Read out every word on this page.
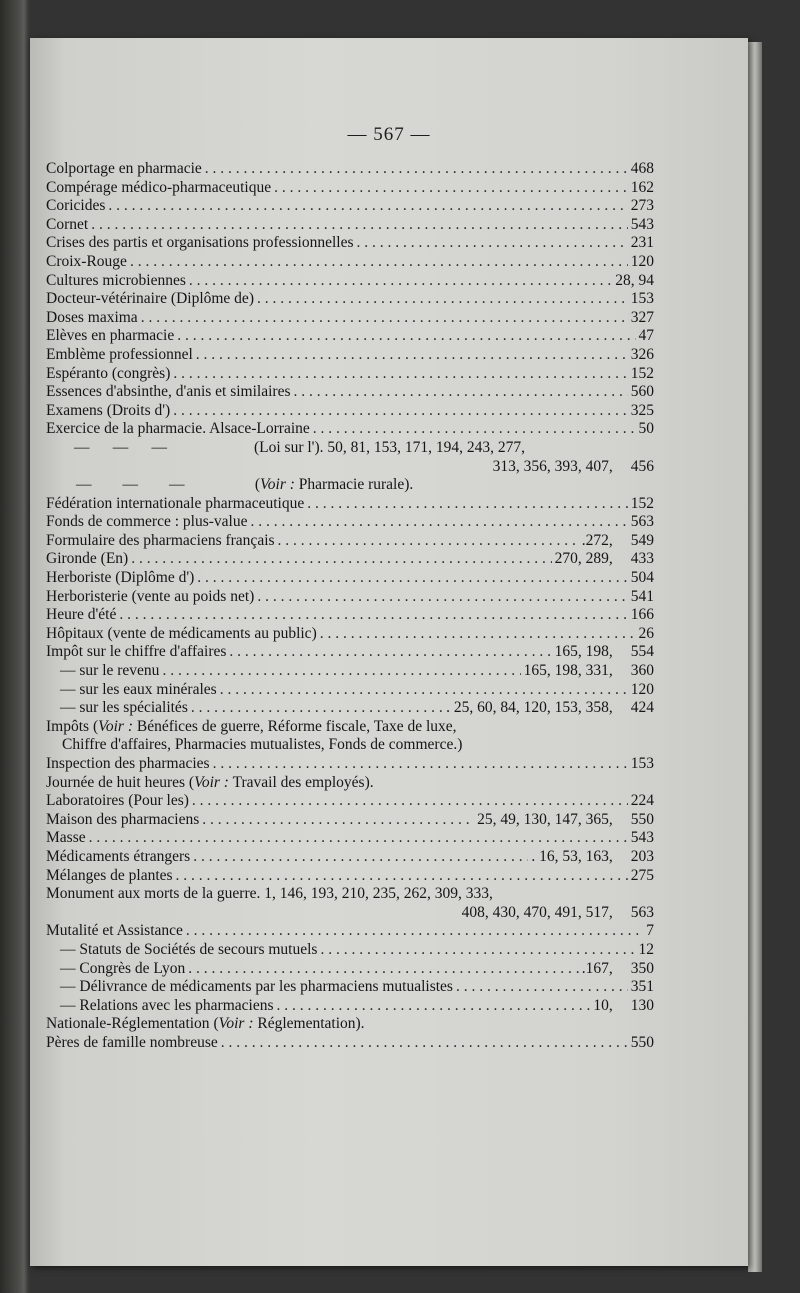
— 567 —
Colportage en pharmacie . . .	468
Compérage médico-pharmaceutique . . .	162
Coricides . . .	273
Cornet . . .	543
Crises des partis et organisations professionnelles . . .	231
Croix-Rouge . . .	120
Cultures microbiennes . . .	28, 94
Docteur-vétérinaire (Diplôme de) . . .	153
Doses maxima . . .	327
Elèves en pharmacie . . .	47
Emblème professionnel . . .	326
Espéranto (congrès) . . .	152
Essences d'absinthe, d'anis et similaires . . .	560
Examens (Droits d') . . .	325
Exercice de la pharmacie. Alsace-Lorraine . . .	50
—      —      —	(Loi sur l'). 50, 81, 153, 171, 194, 243, 277,
313, 356, 393, 407, 456
—        —        —	(Voir : Pharmacie rurale).
Fédération internationale pharmaceutique . . .	152
Fonds de commerce : plus-value . . .	563
Formulaire des pharmaciens français . . .	.272, 549
Gironde (En) . . .	270, 289, 433
Herboriste (Diplôme d') . . .	504
Herboristerie (vente au poids net) . . .	541
Heure d'été . . .	166
Hôpitaux (vente de médicaments au public) . . .	26
Impôt sur le chiffre d'affaires . . .	165, 198, 554
— sur le revenu . . .	165, 198, 331, 360
— sur les eaux minérales . . .	120
— sur les spécialités . . .	. 25, 60, 84, 120, 153, 358, 424
Impôts (Voir : Bénéfices de guerre, Réforme fiscale, Taxe de luxe,
Chiffre d'affaires, Pharmacies mutualistes, Fonds de commerce.)
Inspection des pharmacies . . .	153
Journée de huit heures (Voir : Travail des employés).
Laboratoires (Pour les) . . .	224
Maison des pharmaciens . . .	25, 49, 130, 147, 365, 550
Masse . . .	543
Médicaments étrangers . . .	. 16, 53, 163, 203
Mélanges de plantes . . .	275
Monument aux morts de la guerre. 1, 146, 193, 210, 235, 262, 309, 333,
408, 430, 470, 491, 517, 563
Mutalité et Assistance . . .	7
— Statuts de Sociétés de secours mutuels . . .	12
— Congrès de Lyon . . .	.167, 350
— Délivrance de médicaments par les pharmaciens mutualistes . . .	351
— Relations avec les pharmaciens . . .	10, 130
Nationale-Réglementation (Voir : Réglementation).
Pères de famille nombreuse . . .	550
